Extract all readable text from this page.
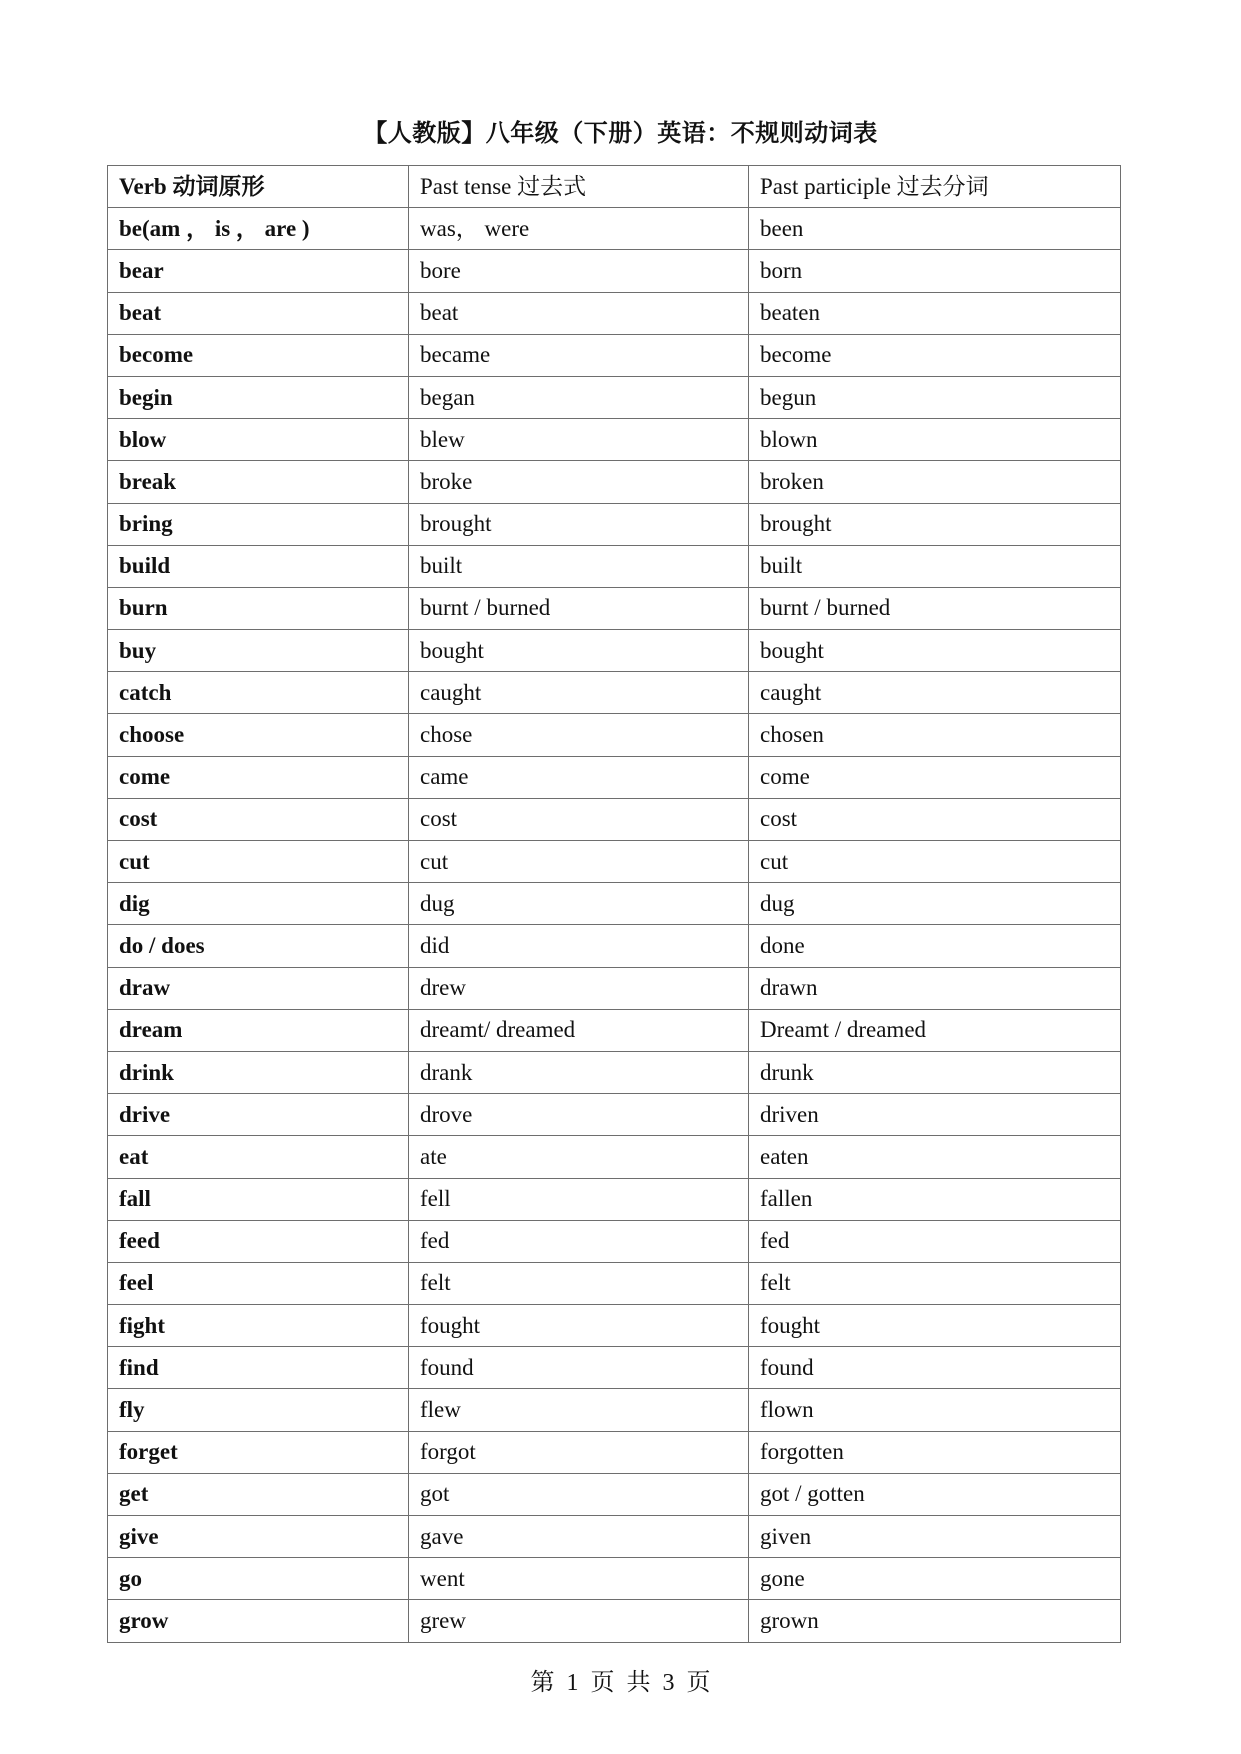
【人教版】八年级（下册）英语：不规则动词表
Verb 动词原形	Past tense 过去式	Past participle 过去分词
be(am ， is ， are )	was， were	been
bear	bore	born
beat	beat	beaten
become	became	become
begin	began	begun
blow	blew	blown
break	broke	broken
bring	brought	brought
build	built	built
burn	burnt / burned	burnt / burned
buy	bought	bought
catch	caught	caught
choose	chose	chosen
come	came	come
cost	cost	cost
cut	cut	cut
dig	dug	dug
do / does	did	done
draw	drew	drawn
dream	dreamt/ dreamed	Dreamt / dreamed
drink	drank	drunk
drive	drove	driven
eat	ate	eaten
fall	fell	fallen
feed	fed	fed
feel	felt	felt
fight	fought	fought
find	found	found
fly	flew	flown
forget	forgot	forgotten
get	got	got / gotten
give	gave	given
go	went	gone
grow	grew	grown
第 1 页 共 3 页
